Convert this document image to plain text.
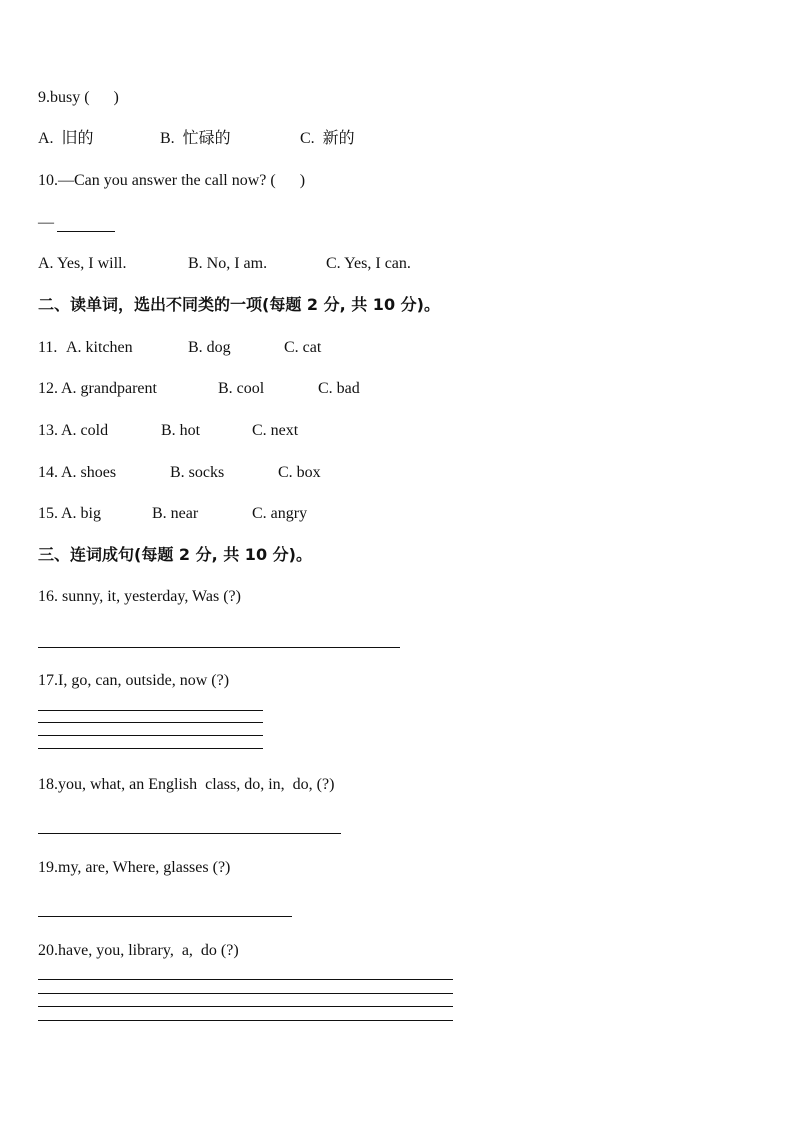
9.busy (      )
A.  旧的	B.  忙碌的	C.  新的
10.—Can you answer the call now? (      )
—
A. Yes, I will.	B. No, I am.	C. Yes, I can.
二、读单词，选出不同类的一项(每题 2 分, 共 10 分)。
11. A. kitchen	B. dog	C. cat
12. A. grandparent	B. cool	C. bad
13. A. cold	B. hot	C. next
14. A. shoes	B. socks	C. box
15. A. big	B. near	C. angry
三、连词成句(每题 2 分, 共 10 分)。
16. sunny, it, yesterday, Was (?)
17.I, go, can, outside, now (?)
18.you, what, an English  class, do, in,  do, (?)
19.my, are, Where, glasses (?)
20.have, you, library,  a,  do (?)
